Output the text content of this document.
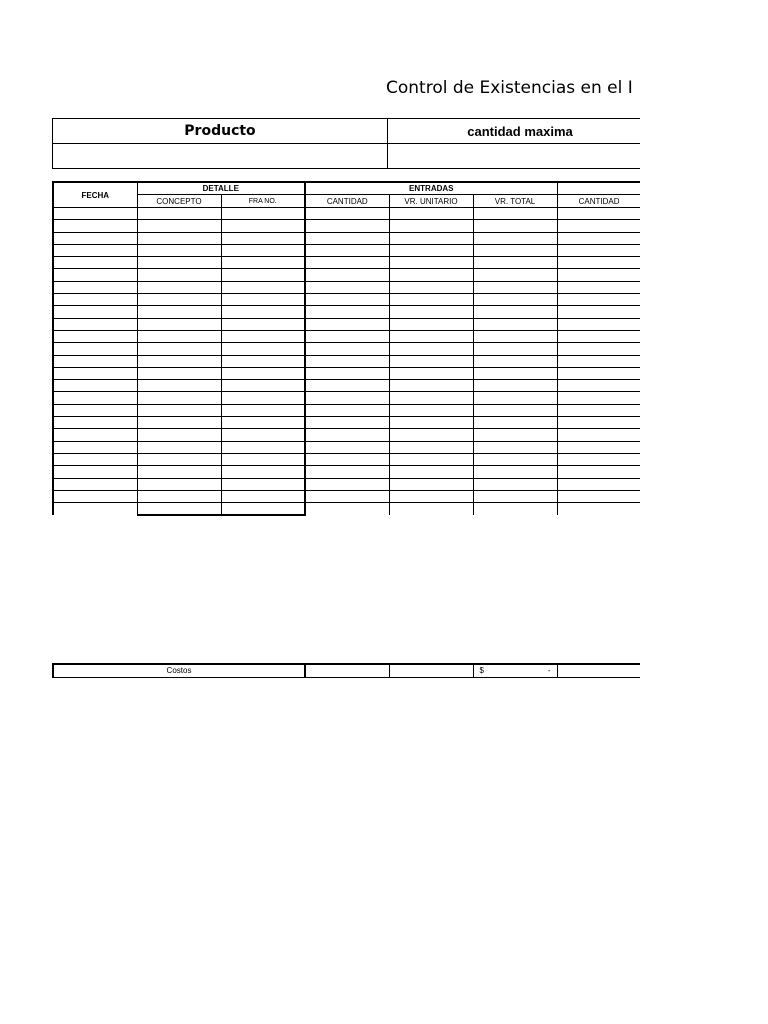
Control de Existencias en el I
Producto	cantidad maxima

FECHA	DETALLE		ENTRADAS				
	CONCEPTO	FRA NO.	CANTIDAD	VR. UNITARIO	VR. TOTAL	CANTIDAD	

Costos			$	-
